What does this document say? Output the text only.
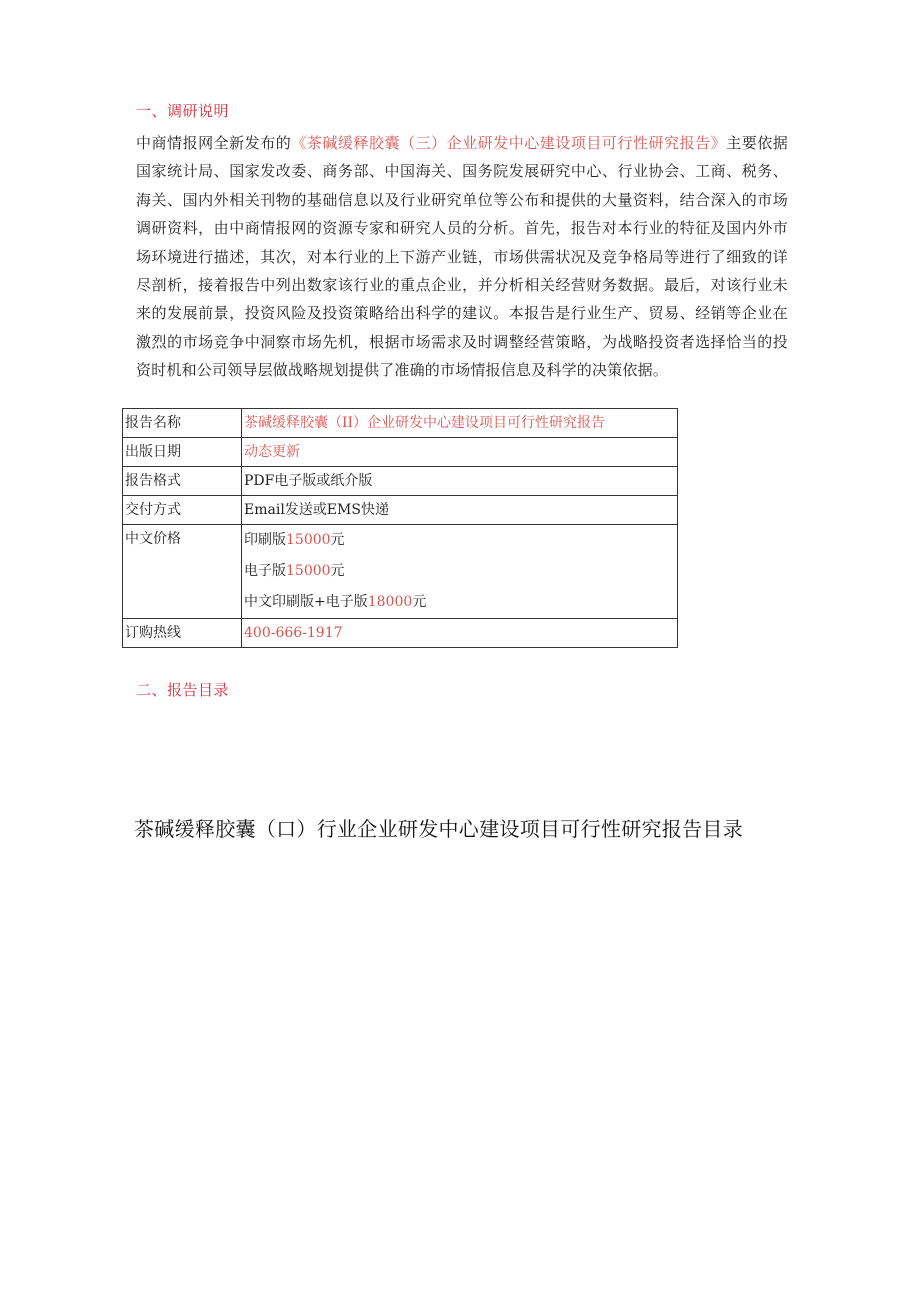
一、调研说明
中商情报网全新发布的《茶碱缓释胶囊（三）企业研发中心建设项目可行性研究报告》主要依据国家统计局、国家发改委、商务部、中国海关、国务院发展研究中心、行业协会、工商、税务、海关、国内外相关刊物的基础信息以及行业研究单位等公布和提供的大量资料，结合深入的市场调研资料，由中商情报网的资源专家和研究人员的分析。首先，报告对本行业的特征及国内外市场环境进行描述，其次，对本行业的上下游产业链，市场供需状况及竞争格局等进行了细致的详尽剖析，接着报告中列出数家该行业的重点企业，并分析相关经营财务数据。最后，对该行业未来的发展前景，投资风险及投资策略给出科学的建议。本报告是行业生产、贸易、经销等企业在激烈的市场竞争中洞察市场先机，根据市场需求及时调整经营策略，为战略投资者选择恰当的投资时机和公司领导层做战略规划提供了准确的市场情报信息及科学的决策依据。
报告名称	茶碱缓释胶囊（II）企业研发中心建设项目可行性研究报告
出版日期	动态更新
报告格式	PDF电子版或纸介版
交付方式	Email发送或EMS快递
中文价格	印刷版15000元
电子版15000元
中文印刷版+电子版18000元

订购热线	400-666-1917
二、报告目录
茶碱缓释胶囊（口）行业企业研发中心建设项目可行性研究报告目录
